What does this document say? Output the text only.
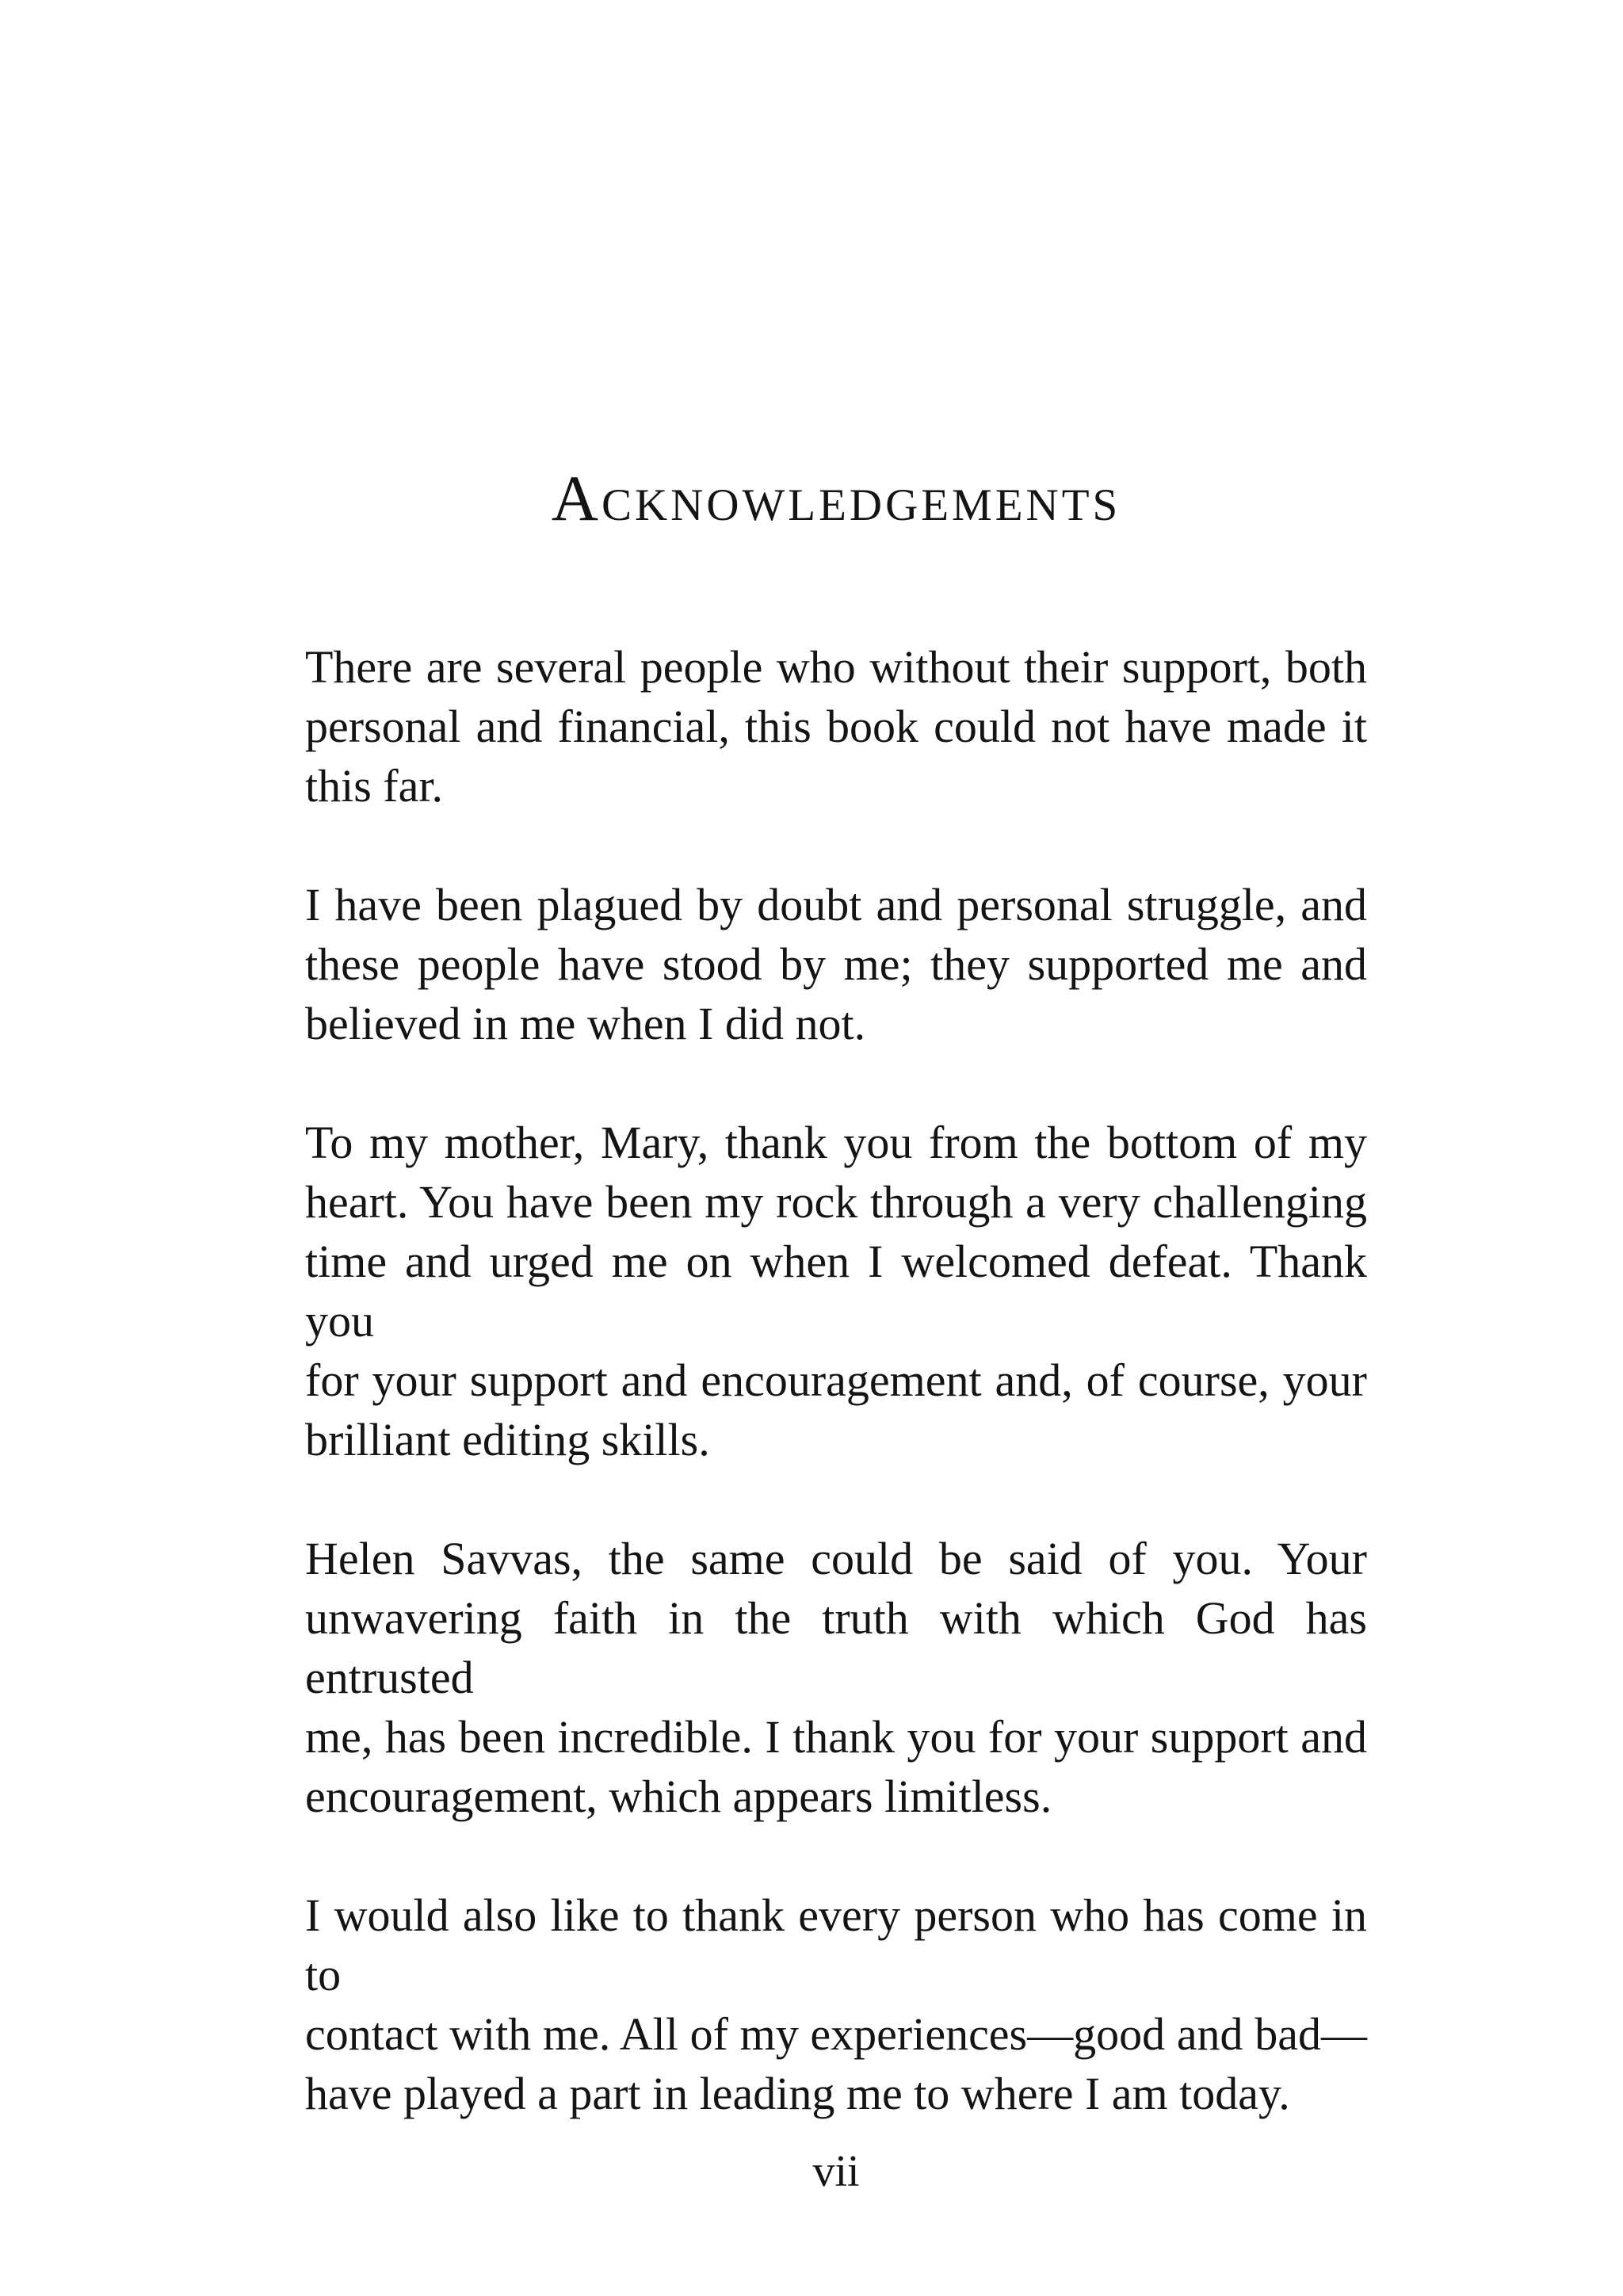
Acknowledgements
There are several people who without their support, both
personal and financial, this book could not have made it
this far.
I have been plagued by doubt and personal struggle, and
these people have stood by me; they supported me and
believed in me when I did not.
To my mother, Mary, thank you from the bottom of my
heart. You have been my rock through a very challenging
time and urged me on when I welcomed defeat. Thank you
for your support and encouragement and, of course, your
brilliant editing skills.
Helen Savvas, the same could be said of you. Your
unwavering faith in the truth with which God has entrusted
me, has been incredible. I thank you for your support and
encouragement, which appears limitless.
I would also like to thank every person who has come in to
contact with me. All of my experiences—good and bad—
have played a part in leading me to where I am today.
vii
